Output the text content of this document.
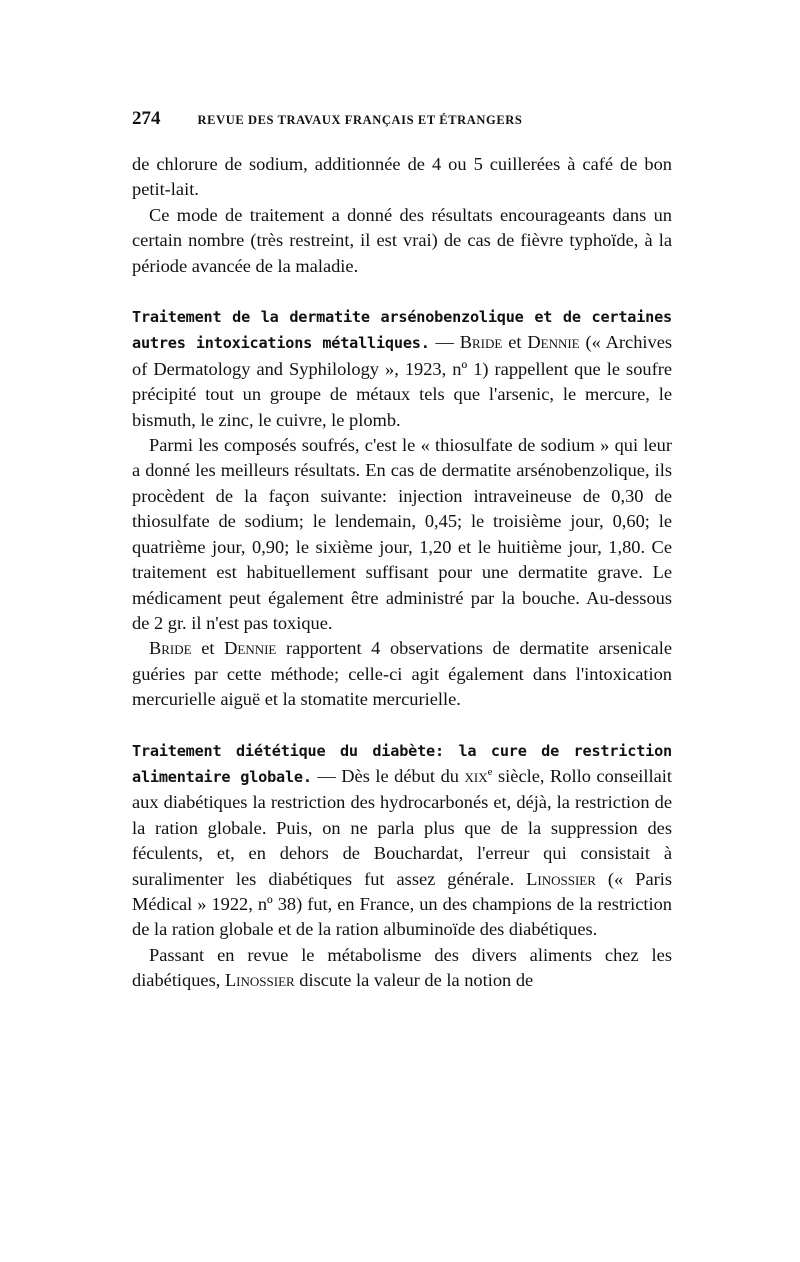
274	REVUE DES TRAVAUX FRANÇAIS ET ÉTRANGERS

de chlorure de sodium, additionnée de 4 ou 5 cuillerées à café de bon petit-lait.

Ce mode de traitement a donné des résultats encourageants dans un certain nombre (très restreint, il est vrai) de cas de fièvre typhoïde, à la période avancée de la maladie.

Traitement de la dermatite arsénobenzolique et de certaines autres intoxications métalliques. — Bride et Dennie (« Archives of Dermatology and Syphilology », 1923, nº 1) rappellent que le soufre précipité tout un groupe de métaux tels que l'arsenic, le mercure, le bismuth, le zinc, le cuivre, le plomb.

Parmi les composés soufrés, c'est le « thiosulfate de sodium » qui leur a donné les meilleurs résultats. En cas de dermatite arsénobenzolique, ils procèdent de la façon suivante: injection intraveineuse de 0,30 de thiosulfate de sodium; le lendemain, 0,45; le troisième jour, 0,60; le quatrième jour, 0,90; le sixième jour, 1,20 et le huitième jour, 1,80. Ce traitement est habituellement suffisant pour une dermatite grave. Le médicament peut également être administré par la bouche. Au-dessous de 2 gr. il n'est pas toxique.

Bride et Dennie rapportent 4 observations de dermatite arsenicale guéries par cette méthode; celle-ci agit également dans l'intoxication mercurielle aiguë et la stomatite mercurielle.

Traitement diététique du diabète: la cure de restriction alimentaire globale. — Dès le début du xix$^e$ siècle, Rollo conseillait aux diabétiques la restriction des hydrocarbonés et, déjà, la restriction de la ration globale. Puis, on ne parla plus que de la suppression des féculents, et, en dehors de Bouchardat, l'erreur qui consistait à suralimenter les diabétiques fut assez générale. Linossier (« Paris Médical » 1922, nº 38) fut, en France, un des champions de la restriction de la ration globale et de la ration albuminoïde des diabétiques.

Passant en revue le métabolisme des divers aliments chez les diabétiques, Linossier discute la valeur de la notion de
